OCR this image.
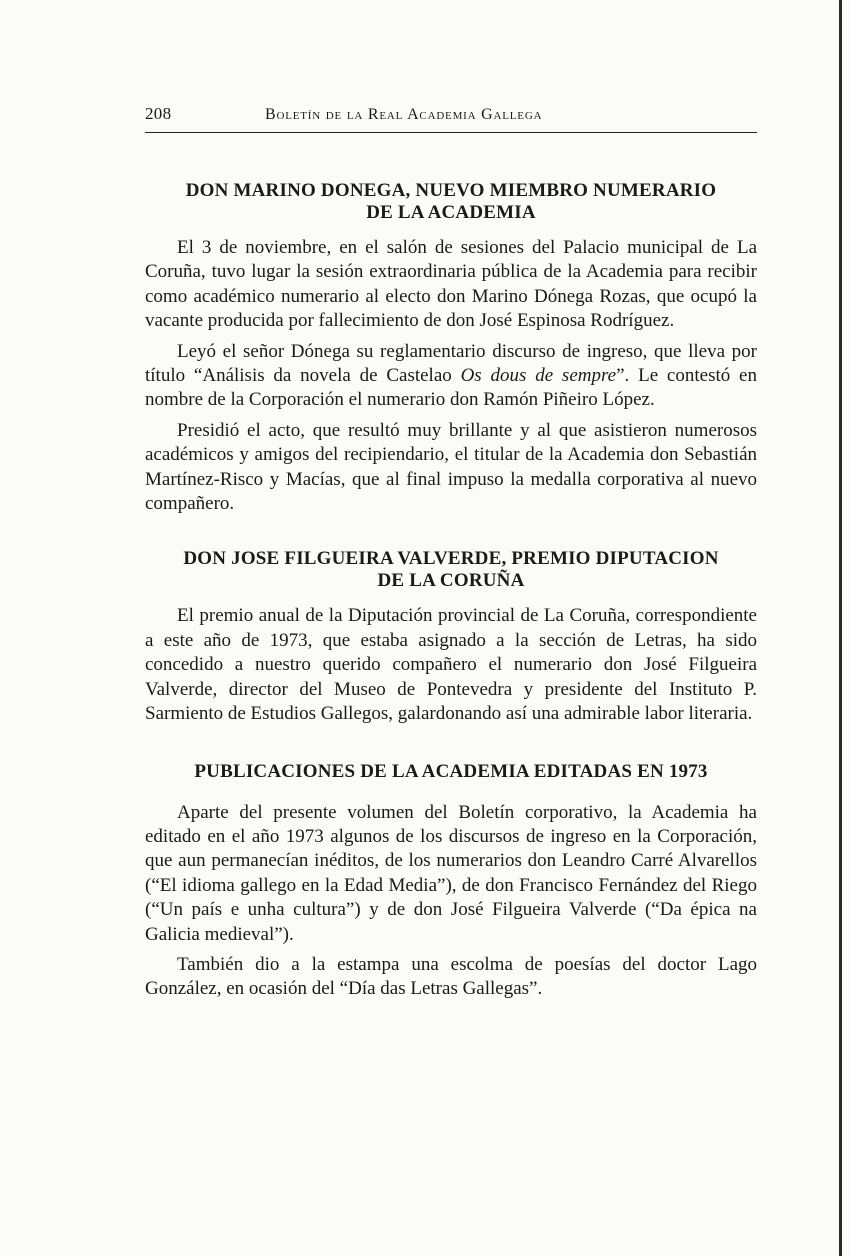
208	Boletín de la Real Academia Gallega
DON MARINO DONEGA, NUEVO MIEMBRO NUMERARIO
DE LA ACADEMIA

El 3 de noviembre, en el salón de sesiones del Palacio municipal de La Coruña, tuvo lugar la sesión extraordinaria pública de la Academia para recibir como académico numerario al electo don Marino Dónega Rozas, que ocupó la vacante producida por fallecimiento de don José Espinosa Rodríguez.

Leyó el señor Dónega su reglamentario discurso de ingreso, que lleva por título “Análisis da novela de Castelao Os dous de sempre”. Le contestó en nombre de la Corporación el numerario don Ramón Piñeiro López.

Presidió el acto, que resultó muy brillante y al que asistieron numerosos académicos y amigos del recipiendario, el titular de la Academia don Sebastián Martínez-Risco y Macías, que al final impuso la medalla corporativa al nuevo compañero.

DON JOSE FILGUEIRA VALVERDE, PREMIO DIPUTACION
DE LA CORUÑA

El premio anual de la Diputación provincial de La Coruña, correspondiente a este año de 1973, que estaba asignado a la sección de Letras, ha sido concedido a nuestro querido compañero el numerario don José Filgueira Valverde, director del Museo de Pontevedra y presidente del Instituto P. Sarmiento de Estudios Gallegos, galardonando así una admirable labor literaria.

PUBLICACIONES DE LA ACADEMIA EDITADAS EN 1973

Aparte del presente volumen del Boletín corporativo, la Academia ha editado en el año 1973 algunos de los discursos de ingreso en la Corporación, que aun permanecían inéditos, de los numerarios don Leandro Carré Alvarellos (“El idioma gallego en la Edad Media”), de don Francisco Fernández del Riego (“Un país e unha cultura”) y de don José Filgueira Valverde (“Da épica na Galicia medieval”).

También dio a la estampa una escolma de poesías del doctor Lago González, en ocasión del “Día das Letras Gallegas”.
